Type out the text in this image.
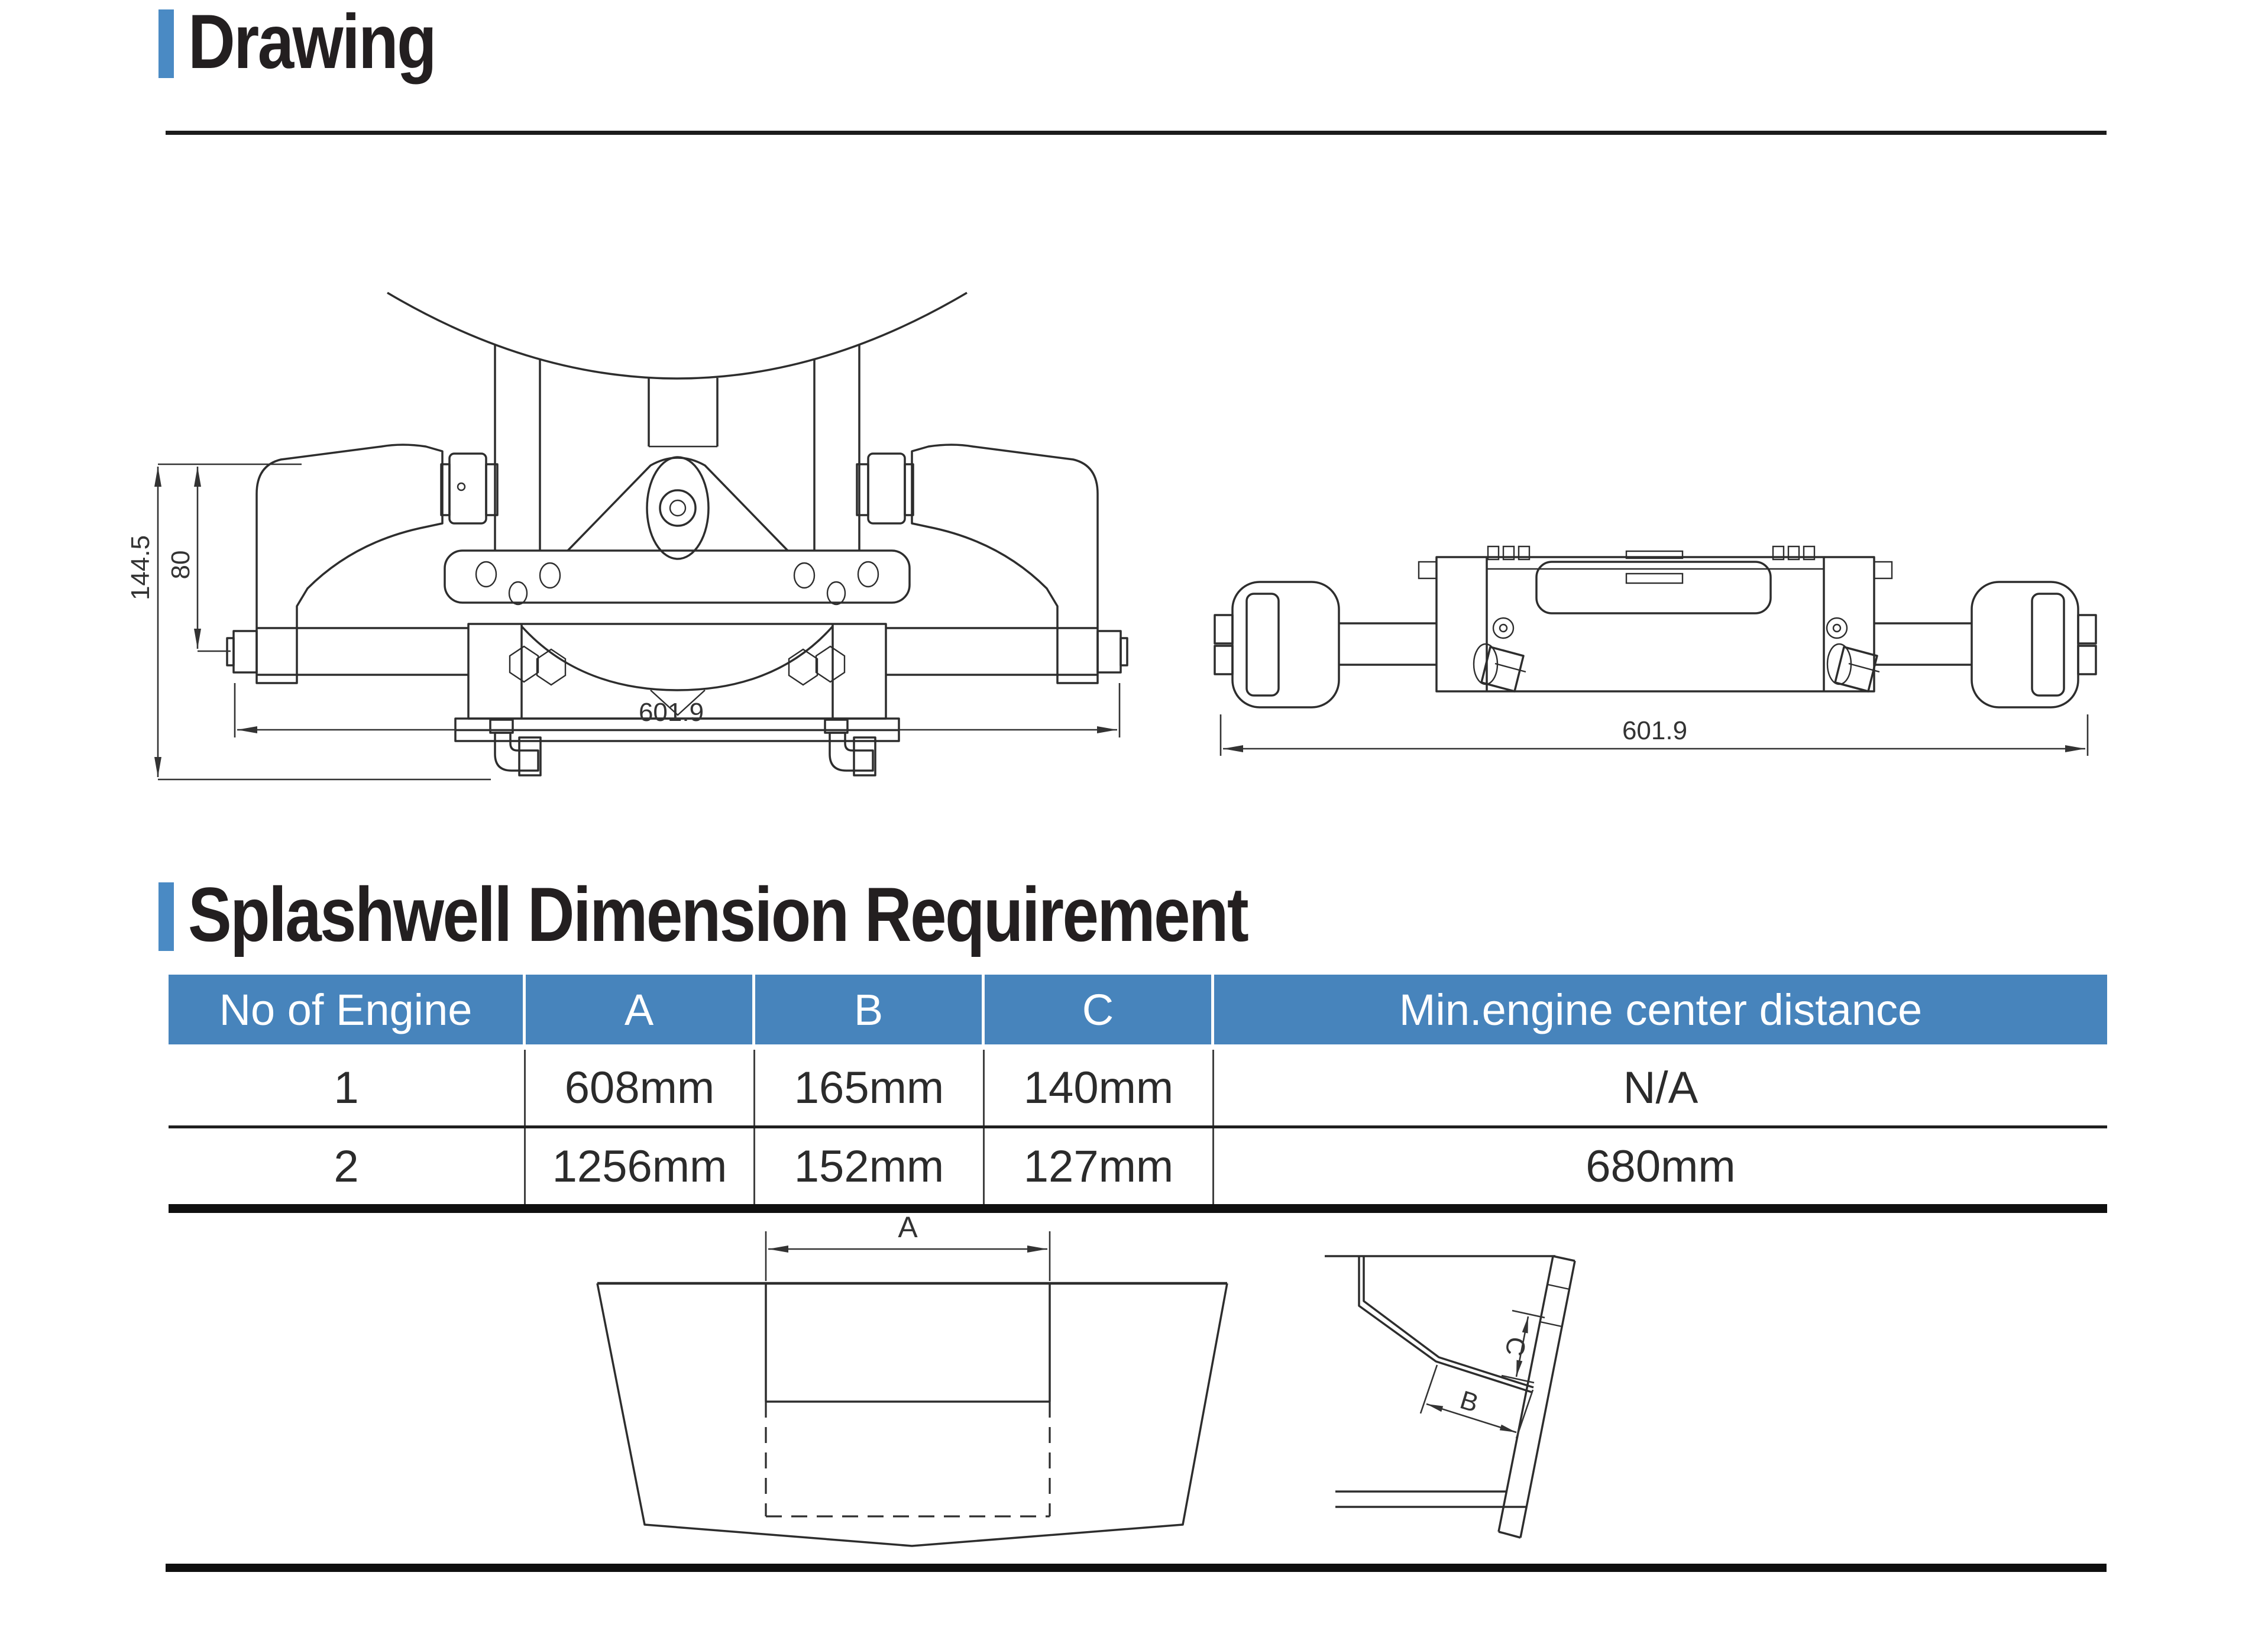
Drawing
144.5 80
601.9
601.9
Splashwell Dimension Requirement
No of Engine	A	B	C	Min.engine center distance
1	608mm	165mm	140mm	N/A
2	1256mm	152mm	127mm	680mm
A
C
B
